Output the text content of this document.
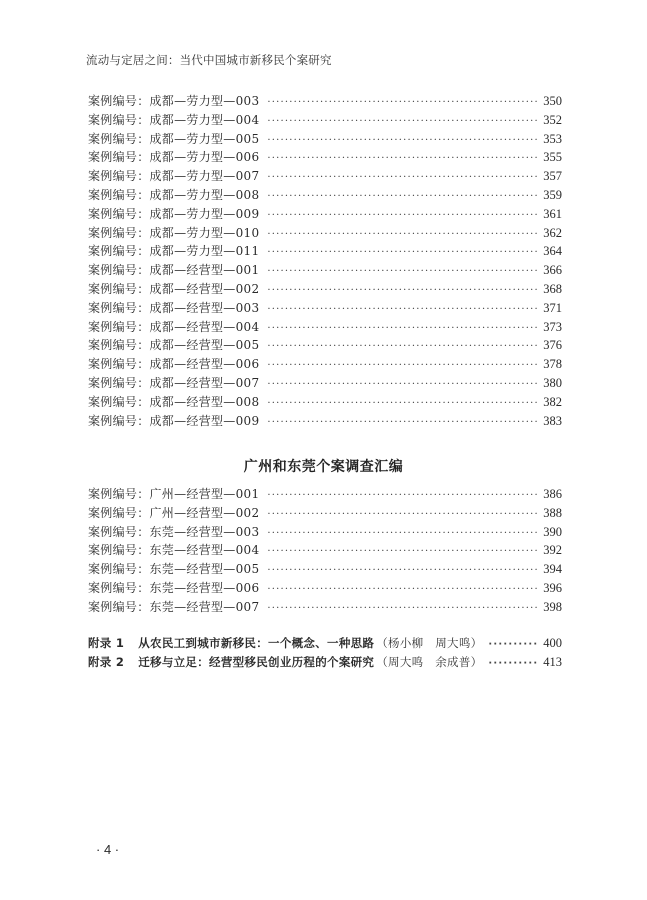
流动与定居之间：当代中国城市新移民个案研究
案例编号：成都—劳力型—003 ·····	350
案例编号：成都—劳力型—004 ·····	352
案例编号：成都—劳力型—005 ·····	353
案例编号：成都—劳力型—006 ·····	355
案例编号：成都—劳力型—007 ·····	357
案例编号：成都—劳力型—008 ·····	359
案例编号：成都—劳力型—009 ·····	361
案例编号：成都—劳力型—010 ·····	362
案例编号：成都—劳力型—011 ·····	364
案例编号：成都—经营型—001 ·····	366
案例编号：成都—经营型—002 ·····	368
案例编号：成都—经营型—003 ·····	371
案例编号：成都—经营型—004 ·····	373
案例编号：成都—经营型—005 ·····	376
案例编号：成都—经营型—006 ·····	378
案例编号：成都—经营型—007 ·····	380
案例编号：成都—经营型—008 ·····	382
案例编号：成都—经营型—009 ·····	383
广州和东莞个案调查汇编
案例编号：广州—经营型—001 ·····	386
案例编号：广州—经营型—002 ·····	388
案例编号：东莞—经营型—003 ·····	390
案例编号：东莞—经营型—004 ·····	392
案例编号：东莞—经营型—005 ·····	394
案例编号：东莞—经营型—006 ·····	396
案例编号：东莞—经营型—007 ·····	398
附录 1 从农民工到城市新移民：一个概念、一种思路 （杨小柳　周大鸣） ·····	400
附录 2 迁移与立足：经营型移民创业历程的个案研究 （周大鸣　余成普） ·····	413
· 4 ·
